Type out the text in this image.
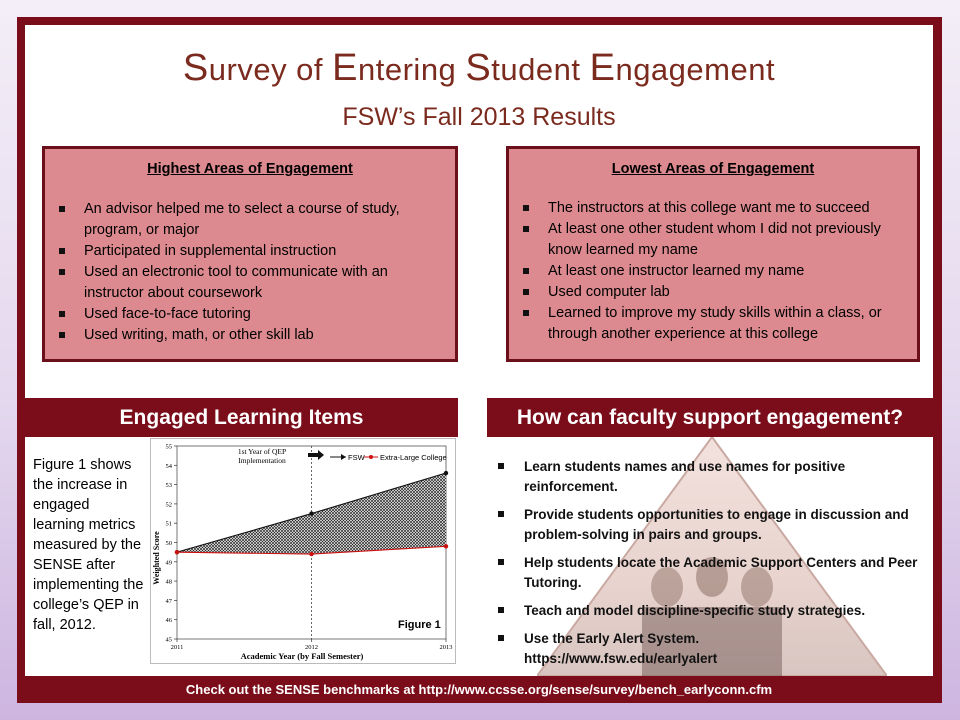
Survey of Entering Student Engagement
FSW’s Fall 2013 Results
Highest Areas of Engagement
An advisor helped me to select a course of study, program, or major
Participated in supplemental instruction
Used an electronic tool to communicate with an instructor about coursework
Used face-to-face tutoring
Used writing, math, or other skill lab
Lowest Areas of Engagement
The instructors at this college want me to succeed
At least one other student whom I did not previously know learned my name
At least one instructor learned my name
Used computer lab
Learned to improve my study skills within a class, or through another experience at this college
Engaged Learning Items	How can faculty support engagement?
Figure 1 shows the increase in engaged learning metrics measured by the SENSE after implementing the college’s QEP in fall, 2012.
45
46
47
48
49
50
51
52
53
54
55
2011	2012	2013
Weighted Score
Academic Year (by Fall Semester)
1st Year of QEP Implementation
Figure 1
FSW Extra-Large College
Learn students names and use names for positive reinforcement.
Provide students opportunities to engage in discussion and problem-solving in pairs and groups.
Help students locate the Academic Support Centers and Peer Tutoring.
Teach and model discipline-specific study strategies.
Use the Early Alert System.
https://www.fsw.edu/earlyalert
Check out the SENSE benchmarks at http://www.ccsse.org/sense/survey/bench_earlyconn.cfm
